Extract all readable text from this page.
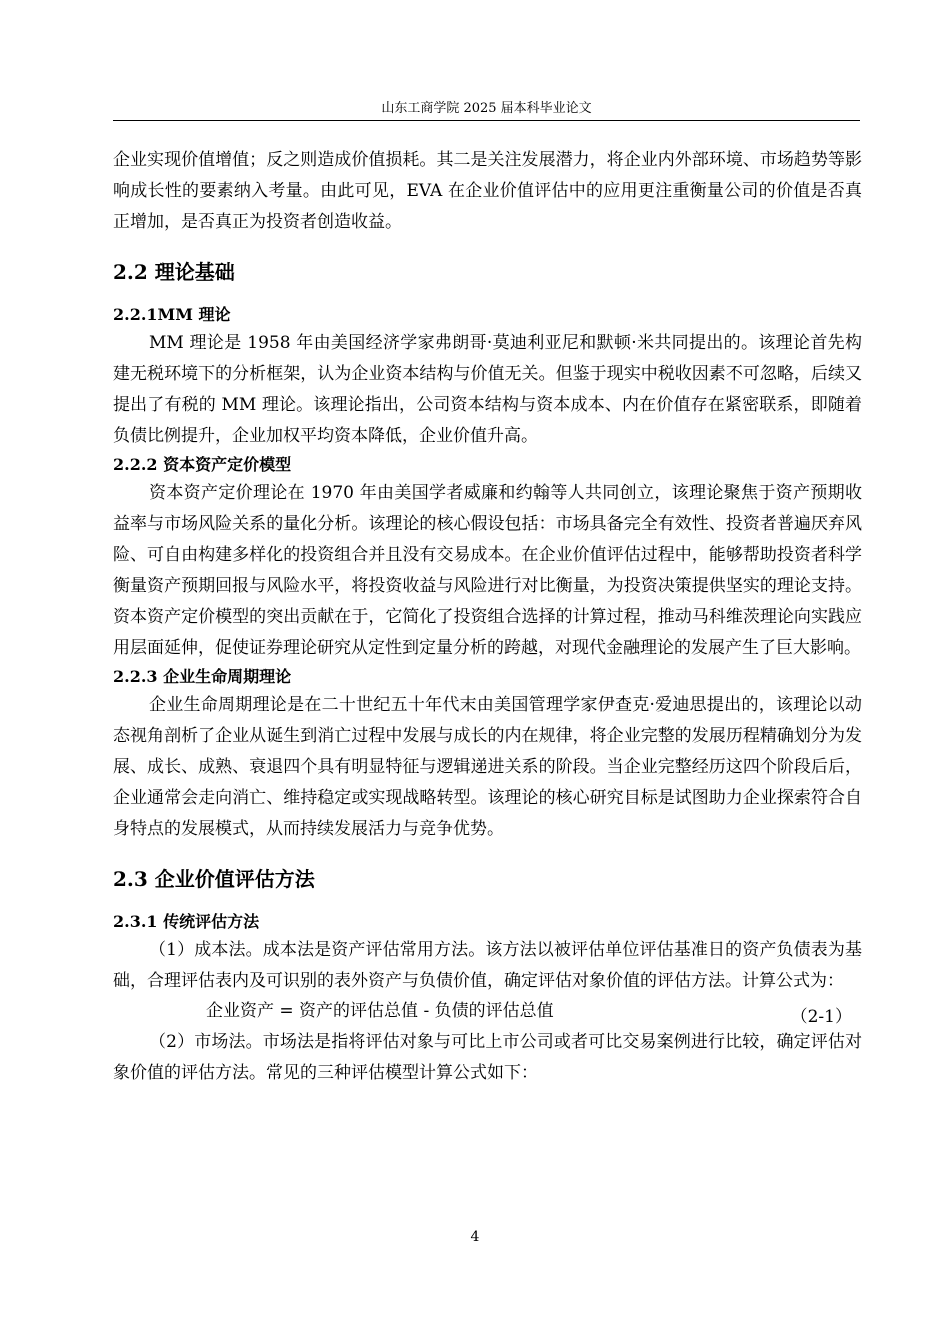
山东工商学院 2025 届本科毕业论文

企业实现价值增值；反之则造成价值损耗。其二是关注发展潜力，将企业内外部环境、市场趋势等影响成长性的要素纳入考量。由此可见，EVA 在企业价值评估中的应用更注重衡量公司的价值是否真正增加，是否真正为投资者创造收益。

2.2 理论基础
2.2.1MM 理论

MM 理论是 1958 年由美国经济学家弗朗哥·莫迪利亚尼和默顿·米共同提出的。该理论首先构建无税环境下的分析框架，认为企业资本结构与价值无关。但鉴于现实中税收因素不可忽略，后续又提出了有税的 MM 理论。该理论指出，公司资本结构与资本成本、内在价值存在紧密联系，即随着负债比例提升，企业加权平均资本降低，企业价值升高。

2.2.2 资本资产定价模型

资本资产定价理论在 1970 年由美国学者威廉和约翰等人共同创立，该理论聚焦于资产预期收益率与市场风险关系的量化分析。该理论的核心假设包括：市场具备完全有效性、投资者普遍厌弃风险、可自由构建多样化的投资组合并且没有交易成本。在企业价值评估过程中，能够帮助投资者科学衡量资产预期回报与风险水平，将投资收益与风险进行对比衡量，为投资决策提供坚实的理论支持。资本资产定价模型的突出贡献在于，它简化了投资组合选择的计算过程，推动马科维茨理论向实践应用层面延伸，促使证券理论研究从定性到定量分析的跨越，对现代金融理论的发展产生了巨大影响。

2.2.3 企业生命周期理论

企业生命周期理论是在二十世纪五十年代末由美国管理学家伊查克·爱迪思提出的，该理论以动态视角剖析了企业从诞生到消亡过程中发展与成长的内在规律，将企业完整的发展历程精确划分为发展、成长、成熟、衰退四个具有明显特征与逻辑递进关系的阶段。当企业完整经历这四个阶段后后，企业通常会走向消亡、维持稳定或实现战略转型。该理论的核心研究目标是试图助力企业探索符合自身特点的发展模式，从而持续发展活力与竞争优势。

2.3 企业价值评估方法
2.3.1 传统评估方法

（1）成本法。成本法是资产评估常用方法。该方法以被评估单位评估基准日的资产负债表为基础，合理评估表内及可识别的表外资产与负债价值，确定评估对象价值的评估方法。计算公式为：

企业资产 = 资产的评估总值 - 负债的评估总值	（2-1）

（2）市场法。市场法是指将评估对象与可比上市公司或者可比交易案例进行比较，确定评估对象价值的评估方法。常见的三种评估模型计算公式如下：

4
